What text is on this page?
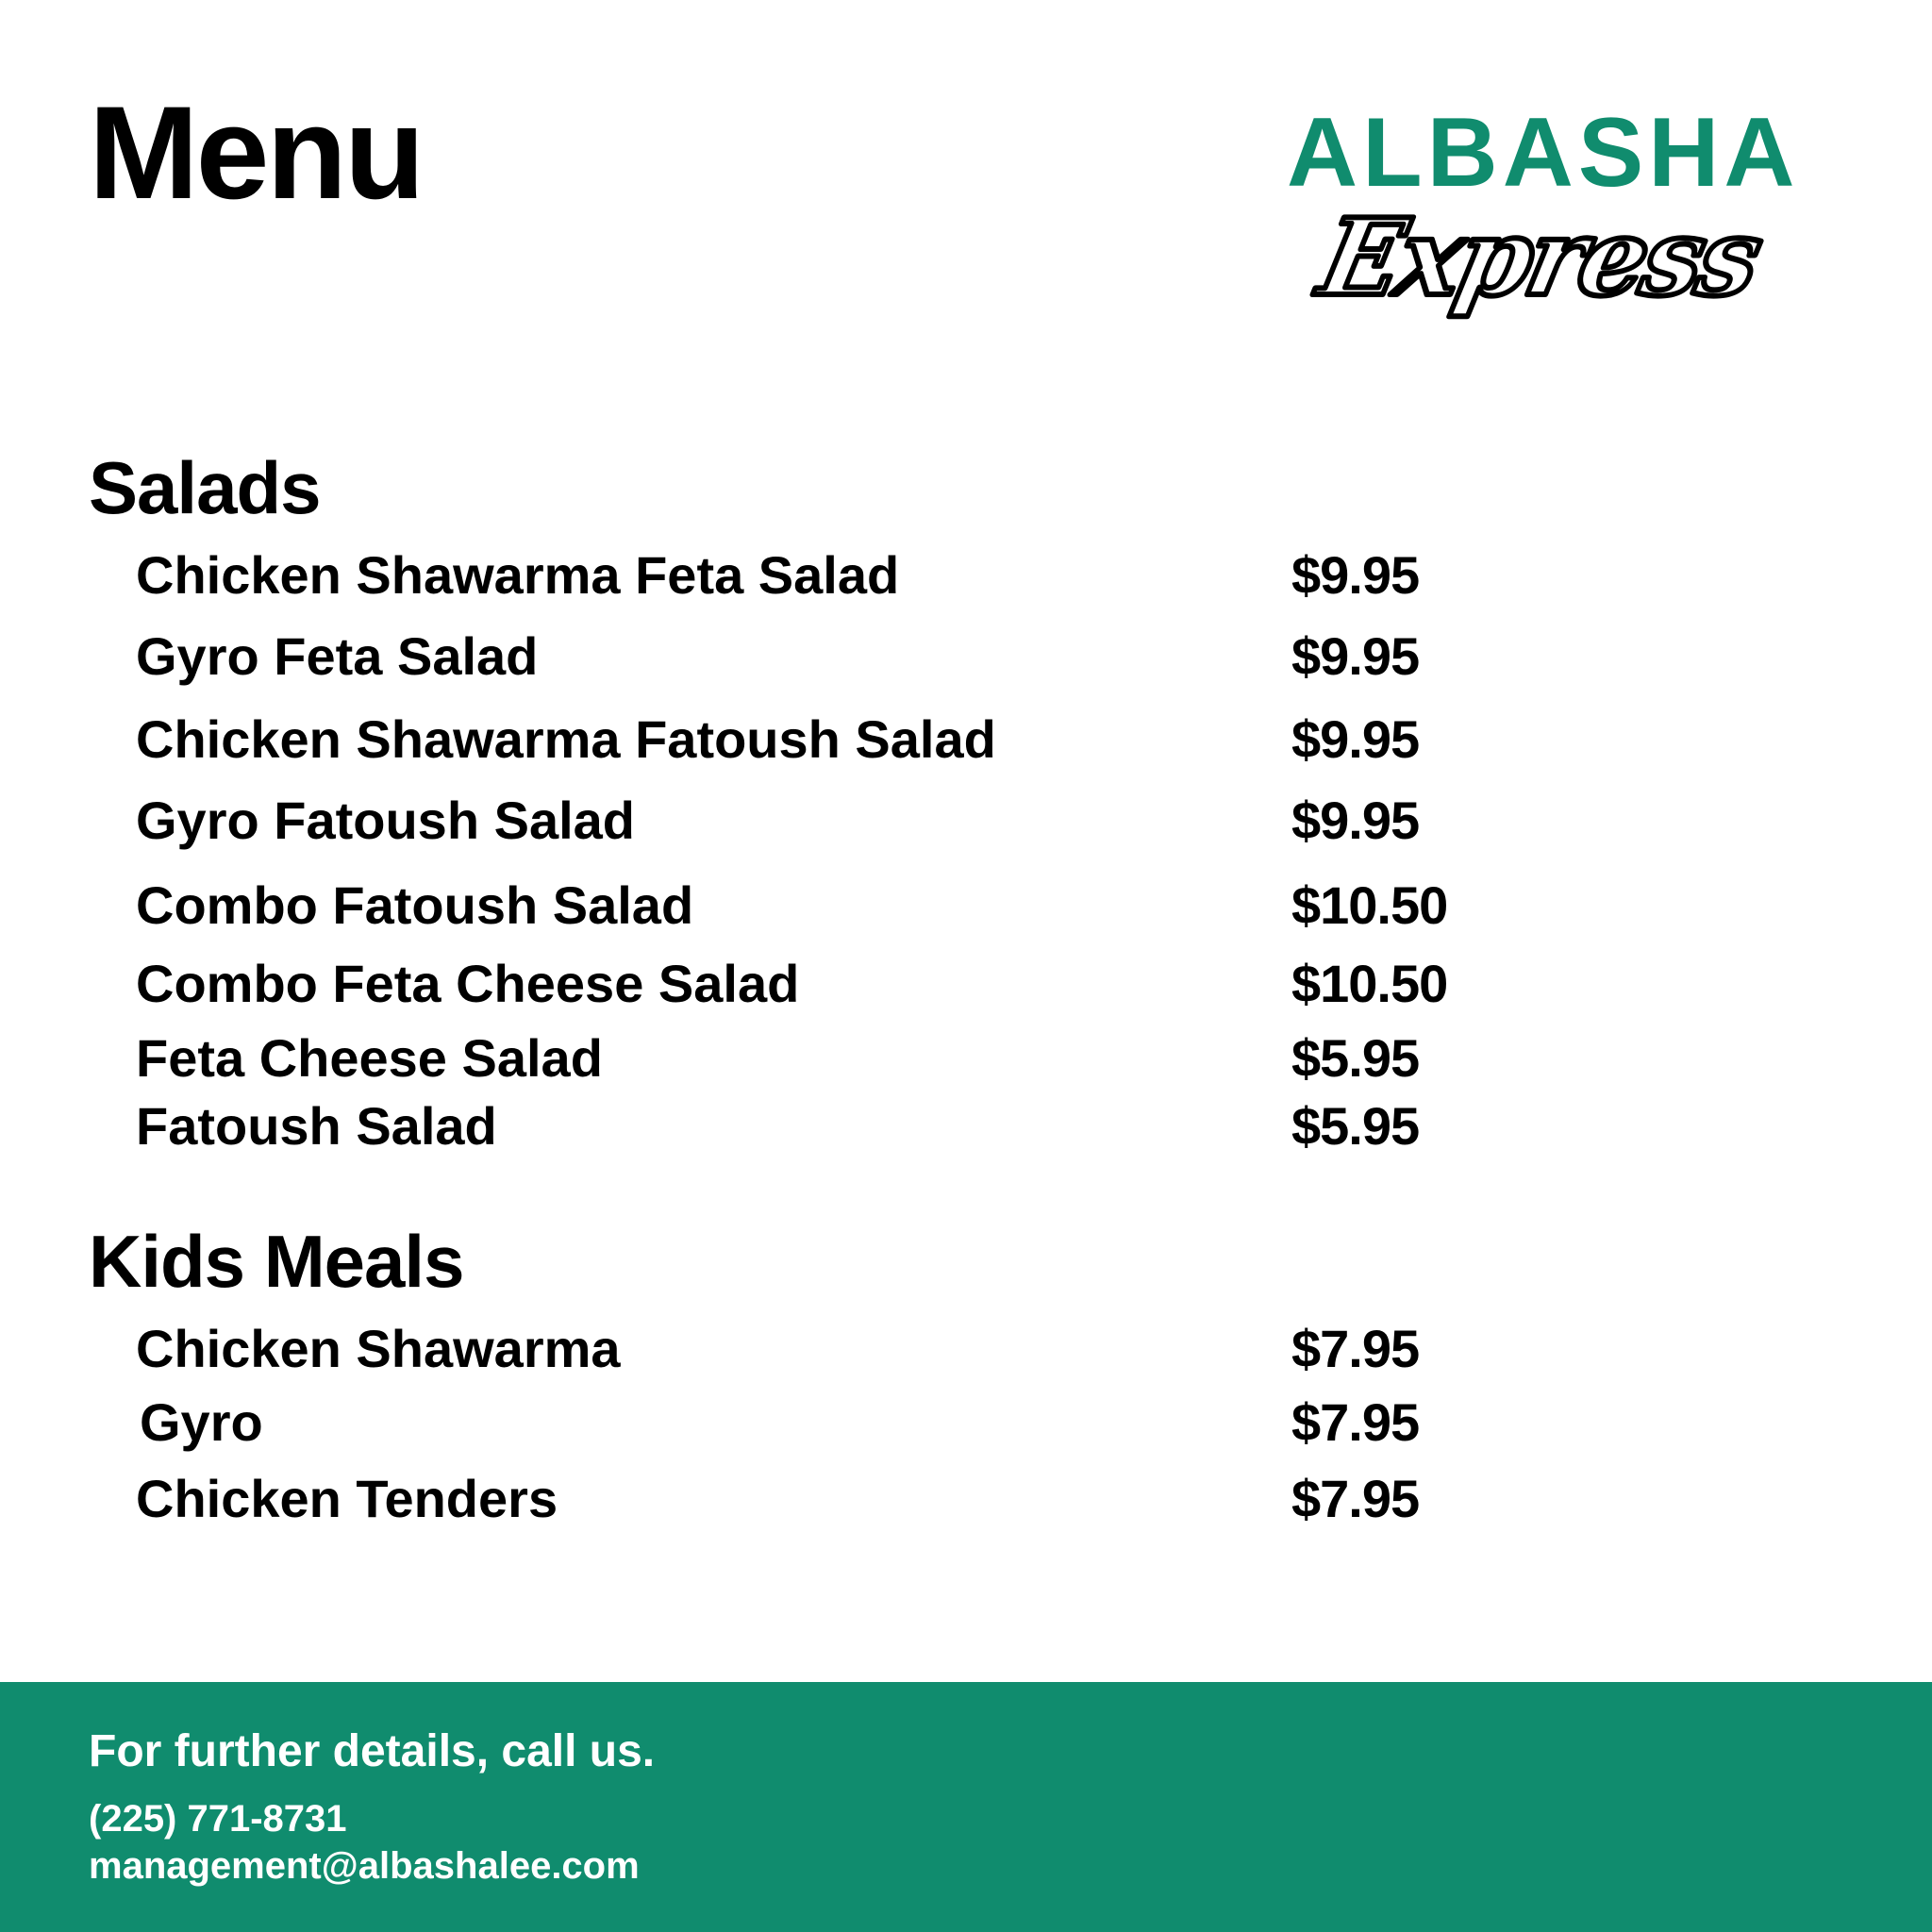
Menu	ALBASHA
Express
Salads
Chicken Shawarma Feta Salad	$9.95
Gyro Feta Salad	$9.95
Chicken Shawarma Fatoush Salad	$9.95
Gyro Fatoush Salad	$9.95
Combo Fatoush Salad	$10.50
Combo Feta Cheese Salad	$10.50
Feta Cheese Salad	$5.95
Fatoush Salad	$5.95
Kids Meals
Chicken Shawarma	$7.95
Gyro	$7.95
Chicken Tenders	$7.95
For further details, call us.
(225) 771-8731
management@albashalee.com
